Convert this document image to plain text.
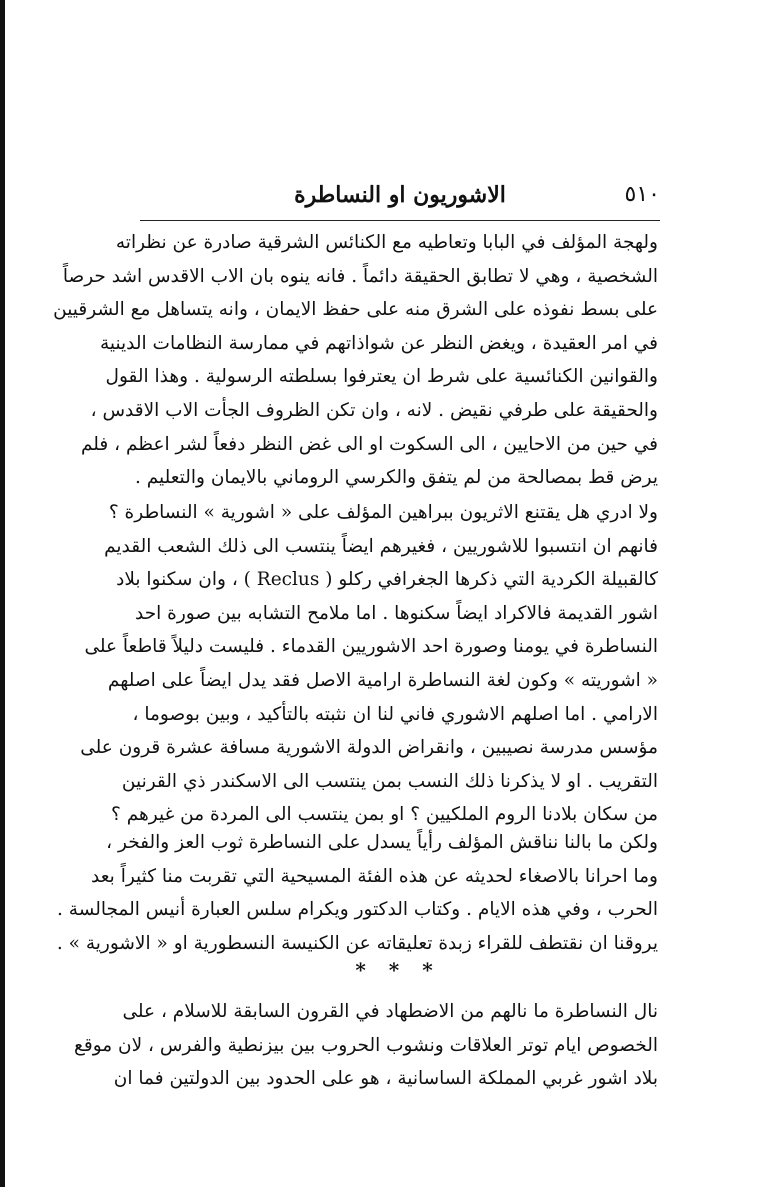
٥١٠
الاشوريون او النساطرة
ولهجة المؤلف في البابا وتعاطيه مع الكنائس الشرقية صادرة عن نظراته
الشخصية ، وهي لا تطابق الحقيقة دائماً . فانه ينوه بان الاب الاقدس اشد حرصاً
على بسط نفوذه على الشرق منه على حفظ الايمان ، وانه يتساهل مع الشرقيين
في امر العقيدة ، ويغض النظر عن شواذاتهم في ممارسة النظامات الدينية
والقوانين الكنائسية على شرط ان يعترفوا بسلطته الرسولية . وهذا القول
والحقيقة على طرفي نقيض . لانه ، وان تكن الظروف الجأت الاب الاقدس ،
في حين من الاحايين ، الى السكوت او الى غض النظر دفعاً لشر اعظم ، فلم
يرض قط بمصالحة من لم يتفق والكرسي الروماني بالايمان والتعليم .
ولا ادري هل يقتنع الاثريون ببراهين المؤلف على « اشورية » النساطرة ؟
فانهم ان انتسبوا للاشوريين ، فغيرهم ايضاً ينتسب الى ذلك الشعب القديم
كالقبيلة الكردية التي ذكرها الجغرافي ركلو ( Reclus ) ، وان سكنوا بلاد
اشور القديمة فالاكراد ايضاً سكنوها . اما ملامح التشابه بين صورة احد
النساطرة في يومنا وصورة احد الاشوريين القدماء . فليست دليلاً قاطعاً على
« اشوريته » وكون لغة النساطرة ارامية الاصل فقد يدل ايضاً على اصلهم
الارامي . اما اصلهم الاشوري فاني لنا ان نثبته بالتأكيد ، وبين بوصوما ،
مؤسس مدرسة نصيبين ، وانقراض الدولة الاشورية مسافة عشرة قرون على
التقريب . او لا يذكرنا ذلك النسب بمن ينتسب الى الاسكندر ذي القرنين
من سكان بلادنا الروم الملكيين ؟ او بمن ينتسب الى المردة من غيرهم ؟
ولكن ما بالنا نناقش المؤلف رأياً يسدل على النساطرة ثوب العز والفخر ،
وما احرانا بالاصغاء لحديثه عن هذه الفئة المسيحية التي تقربت منا كثيراً بعد
الحرب ، وفي هذه الايام . وكتاب الدكتور ويكرام سلس العبارة أنيس المجالسة .
يروقنا ان نقتطف للقراء زبدة تعليقاته عن الكنيسة النسطورية او « الاشورية » .
* * *
نال النساطرة ما نالهم من الاضطهاد في القرون السابقة للاسلام ، على
الخصوص ايام توتر العلاقات ونشوب الحروب بين بيزنطية والفرس ، لان موقع
بلاد اشور غربي المملكة الساسانية ، هو على الحدود بين الدولتين فما ان
